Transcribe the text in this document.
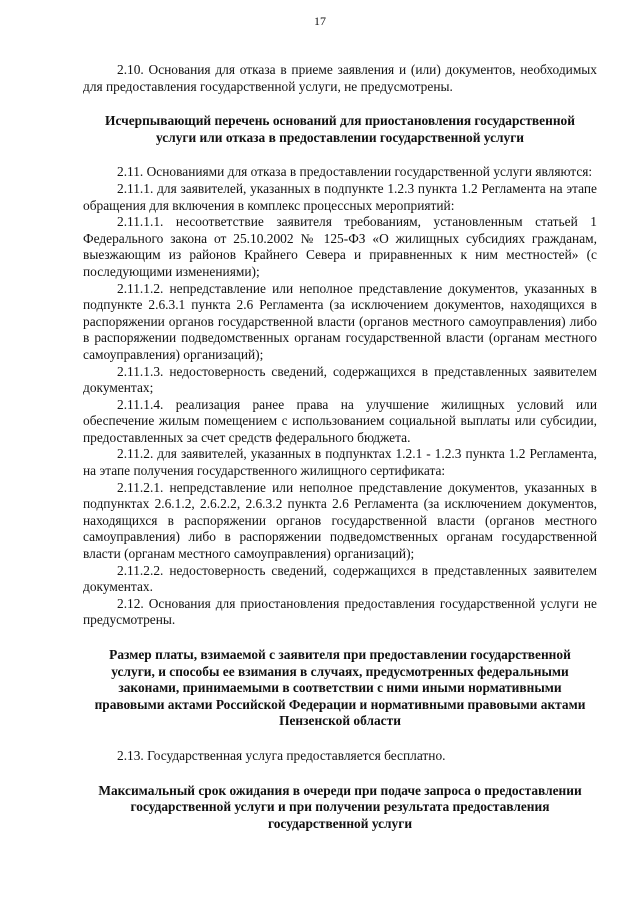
17

2.10. Основания для отказа в приеме заявления и (или) документов, необходимых для предоставления государственной услуги, не предусмотрены.

Исчерпывающий перечень оснований для приостановления государственной услуги или отказа в предоставлении государственной услуги

2.11. Основаниями для отказа в предоставлении государственной услуги являются:

2.11.1. для заявителей, указанных в подпункте 1.2.3 пункта 1.2 Регламента на этапе обращения для включения в комплекс процессных мероприятий:

2.11.1.1. несоответствие заявителя требованиям, установленным статьей 1 Федерального закона от 25.10.2002 № 125-ФЗ «О жилищных субсидиях гражданам, выезжающим из районов Крайнего Севера и приравненных к ним местностей» (с последующими изменениями);

2.11.1.2. непредставление или неполное представление документов, указанных в подпункте 2.6.3.1 пункта 2.6 Регламента (за исключением документов, находящихся в распоряжении органов государственной власти (органов местного самоуправления) либо в распоряжении подведомственных органам государственной власти (органам местного самоуправления) организаций);

2.11.1.3. недостоверность сведений, содержащихся в представленных заявителем документах;

2.11.1.4. реализация ранее права на улучшение жилищных условий или обеспечение жилым помещением с использованием социальной выплаты или субсидии, предоставленных за счет средств федерального бюджета.

2.11.2. для заявителей, указанных в подпунктах 1.2.1 - 1.2.3 пункта 1.2 Регламента, на этапе получения государственного жилищного сертификата:

2.11.2.1. непредставление или неполное представление документов, указанных в подпунктах 2.6.1.2, 2.6.2.2, 2.6.3.2 пункта 2.6 Регламента (за исключением документов, находящихся в распоряжении органов государственной власти (органов местного самоуправления) либо в распоряжении подведомственных органам государственной власти (органам местного самоуправления) организаций);

2.11.2.2. недостоверность сведений, содержащихся в представленных заявителем документах.

2.12. Основания для приостановления предоставления государственной услуги не предусмотрены.

Размер платы, взимаемой с заявителя при предоставлении государственной услуги, и способы ее взимания в случаях, предусмотренных федеральными законами, принимаемыми в соответствии с ними иными нормативными правовыми актами Российской Федерации и нормативными правовыми актами Пензенской области

2.13. Государственная услуга предоставляется бесплатно.

Максимальный срок ожидания в очереди при подаче запроса о предоставлении государственной услуги и при получении результата предоставления государственной услуги
